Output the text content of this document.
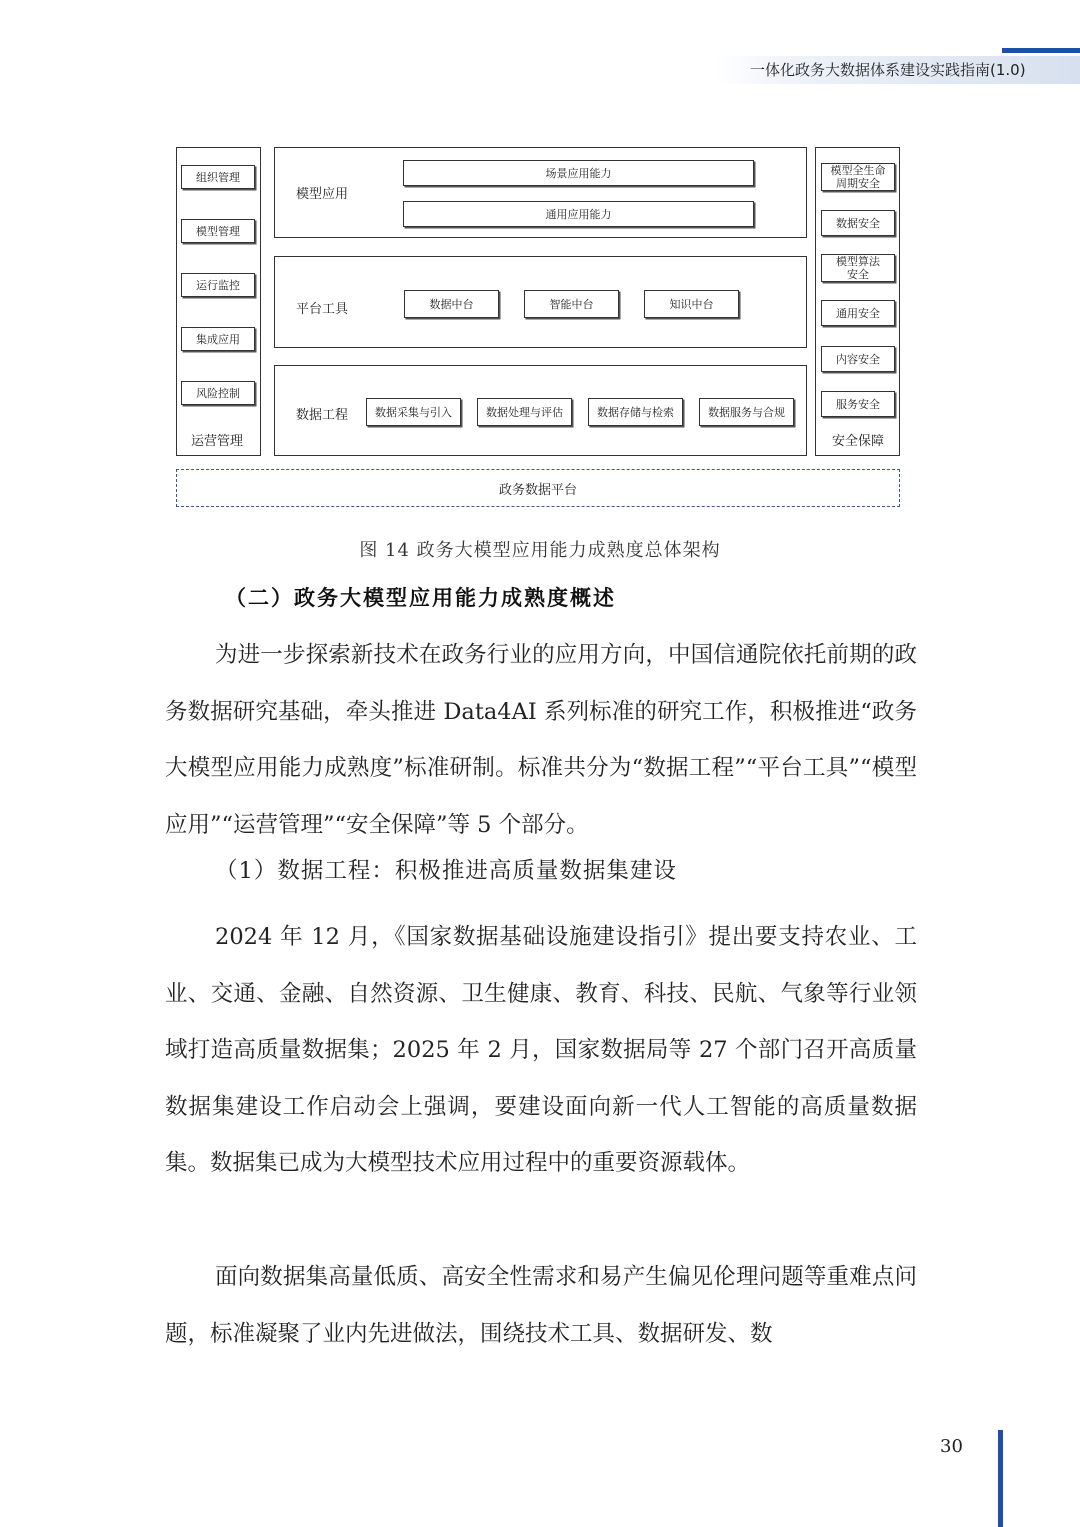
一体化政务大数据体系建设实践指南(1.0)
组织管理
模型管理
运行监控
集成应用
风险控制
运营管理
模型应用
场景应用能力
通用应用能力
平台工具	数据中台	智能中台	知识中台
数据工程	数据采集与引入	数据处理与评估	数据存储与检索	数据服务与合规
模型全生命周期安全
数据安全
模型算法安全
通用安全
内容安全
服务安全
安全保障
政务数据平台
图 14 政务大模型应用能力成熟度总体架构
（二）政务大模型应用能力成熟度概述

为进一步探索新技术在政务行业的应用方向，中国信通院依托前期的政务数据研究基础，牵头推进 Data4AI 系列标准的研究工作，积极推进“政务大模型应用能力成熟度”标准研制。标准共分为“数据工程”“平台工具”“模型应用”“运营管理”“安全保障”等 5 个部分。

（1）数据工程：积极推进高质量数据集建设

2024 年 12 月，《国家数据基础设施建设指引》提出要支持农业、工业、交通、金融、自然资源、卫生健康、教育、科技、民航、气象等行业领域打造高质量数据集；2025 年 2 月，国家数据局等 27 个部门召开高质量数据集建设工作启动会上强调，要建设面向新一代人工智能的高质量数据集。数据集已成为大模型技术应用过程中的重要资源载体。

面向数据集高量低质、高安全性需求和易产生偏见伦理问题等重难点问题，标准凝聚了业内先进做法，围绕技术工具、数据研发、数

30
